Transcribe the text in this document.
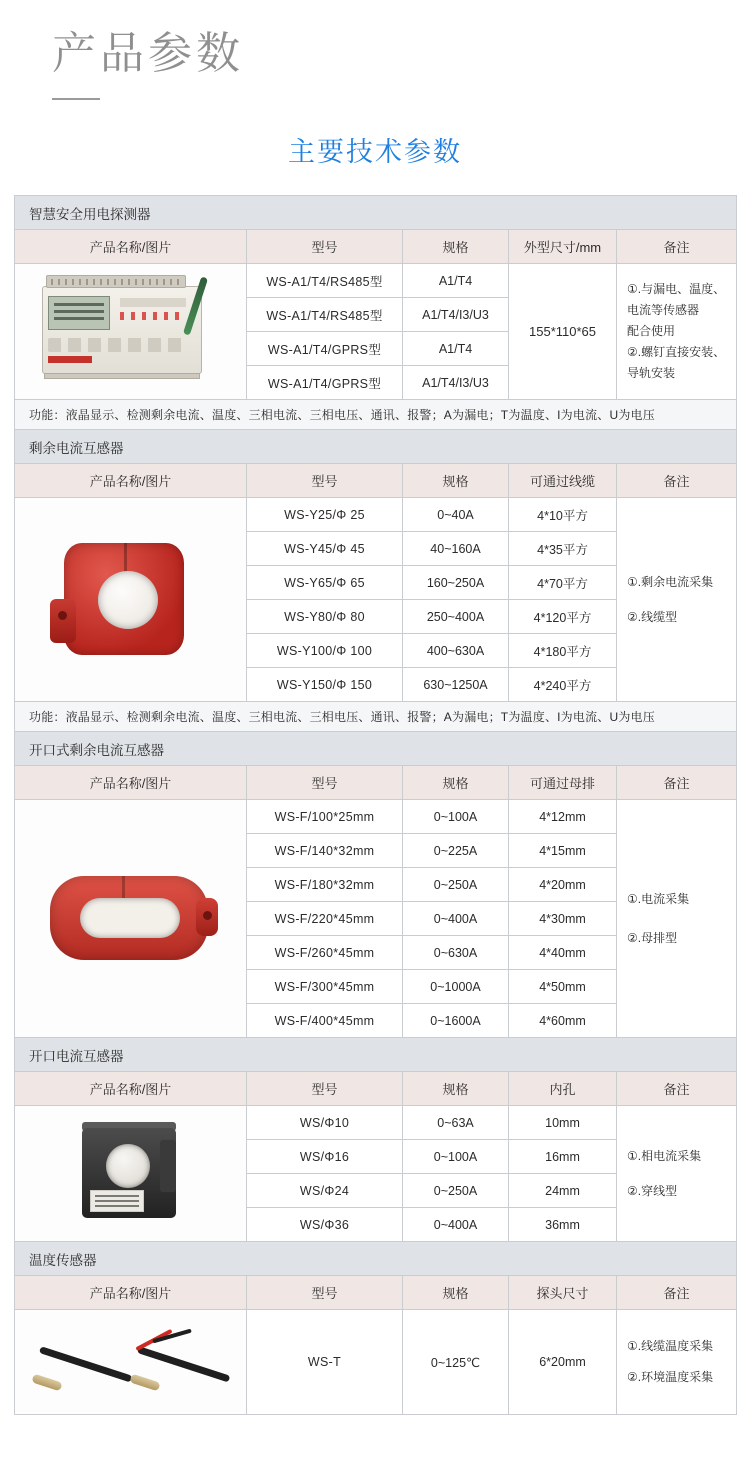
产品参数
主要技术参数
智慧安全用电探测器				
产品名称/图片	型号	规格	外型尺寸/mm	备注

	WS-A1/T4/RS485型	A1/T4	155*110*65	①.与漏电、温度、
电流等传感器
配合使用
②.螺钉直接安装、
导轨安装

	WS-A1/T4/RS485型	A1/T4/I3/U3		
	WS-A1/T4/GPRS型	A1/T4		
	WS-A1/T4/GPRS型	A1/T4/I3/U3		
功能：液晶显示、检测剩余电流、温度、三相电流、三相电压、通讯、报警；A为漏电；T为温度、I为电流、U为电压				
剩余电流互感器				
产品名称/图片	型号	规格	可通过线缆	备注

	WS-Y25/Φ 25	0~40A	4*10平方	①.剩余电流采集
②.线缆型

	WS-Y45/Φ 45	40~160A	4*35平方	
	WS-Y65/Φ 65	160~250A	4*70平方	
	WS-Y80/Φ 80	250~400A	4*120平方	
	WS-Y100/Φ 100	400~630A	4*180平方	
	WS-Y150/Φ 150	630~1250A	4*240平方	
功能：液晶显示、检测剩余电流、温度、三相电流、三相电压、通讯、报警；A为漏电；T为温度、I为电流、U为电压				
开口式剩余电流互感器				
产品名称/图片	型号	规格	可通过母排	备注

	WS-F/100*25mm	0~100A	4*12mm	①.电流采集
②.母排型

	WS-F/140*32mm	0~225A	4*15mm	
	WS-F/180*32mm	0~250A	4*20mm	
	WS-F/220*45mm	0~400A	4*30mm	
	WS-F/260*45mm	0~630A	4*40mm	
	WS-F/300*45mm	0~1000A	4*50mm	
	WS-F/400*45mm	0~1600A	4*60mm	
开口电流互感器				
产品名称/图片	型号	规格	内孔	备注

	WS/Φ10	0~63A	10mm	①.相电流采集
②.穿线型

	WS/Φ16	0~100A	16mm	
	WS/Φ24	0~250A	24mm	
	WS/Φ36	0~400A	36mm	
温度传感器				
产品名称/图片	型号	规格	探头尺寸	备注

	WS-T	0~125℃	6*20mm	①.线缆温度采集
②.环境温度采集
